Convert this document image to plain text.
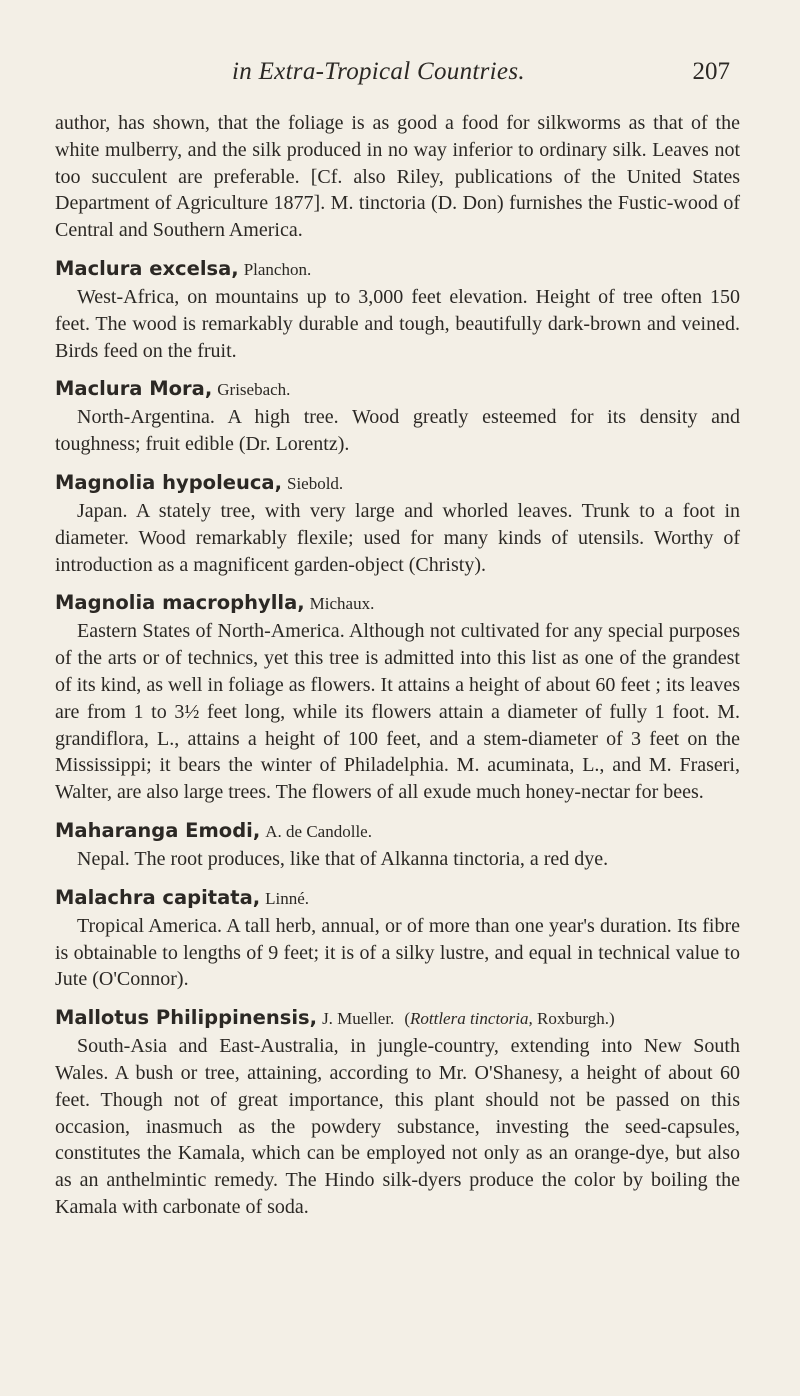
in Extra-Tropical Countries.	207

author, has shown, that the foliage is as good a food for silkworms as that of the white mulberry, and the silk produced in no way inferior to ordinary silk. Leaves not too succulent are preferable. [Cf. also Riley, publications of the United States Department of Agriculture 1877]. M. tinctoria (D. Don) furnishes the Fustic-wood of Central and Southern America.

Maclura excelsa, Planchon.

West-Africa, on mountains up to 3,000 feet elevation. Height of tree often 150 feet. The wood is remarkably durable and tough, beautifully dark-brown and veined. Birds feed on the fruit.

Maclura Mora, Grisebach.

North-Argentina. A high tree. Wood greatly esteemed for its density and toughness; fruit edible (Dr. Lorentz).

Magnolia hypoleuca, Siebold.

Japan. A stately tree, with very large and whorled leaves. Trunk to a foot in diameter. Wood remarkably flexile; used for many kinds of utensils. Worthy of introduction as a magnificent garden-object (Christy).

Magnolia macrophylla, Michaux.

Eastern States of North-America. Although not cultivated for any special purposes of the arts or of technics, yet this tree is admitted into this list as one of the grandest of its kind, as well in foliage as flowers. It attains a height of about 60 feet ; its leaves are from 1 to 3½ feet long, while its flowers attain a diameter of fully 1 foot. M. grandiflora, L., attains a height of 100 feet, and a stem-diameter of 3 feet on the Mississippi; it bears the winter of Philadelphia. M. acuminata, L., and M. Fraseri, Walter, are also large trees. The flowers of all exude much honey-nectar for bees.

Maharanga Emodi, A. de Candolle.

Nepal. The root produces, like that of Alkanna tinctoria, a red dye.

Malachra capitata, Linné.

Tropical America. A tall herb, annual, or of more than one year's duration. Its fibre is obtainable to lengths of 9 feet; it is of a silky lustre, and equal in technical value to Jute (O'Connor).

Mallotus Philippinensis, J. Mueller. (Rottlera tinctoria, Roxburgh.)

South-Asia and East-Australia, in jungle-country, extending into New South Wales. A bush or tree, attaining, according to Mr. O'Shanesy, a height of about 60 feet. Though not of great importance, this plant should not be passed on this occasion, inasmuch as the powdery substance, investing the seed-capsules, constitutes the Kamala, which can be employed not only as an orange-dye, but also as an anthelmintic remedy. The Hindo silk-dyers produce the color by boiling the Kamala with carbonate of soda.
